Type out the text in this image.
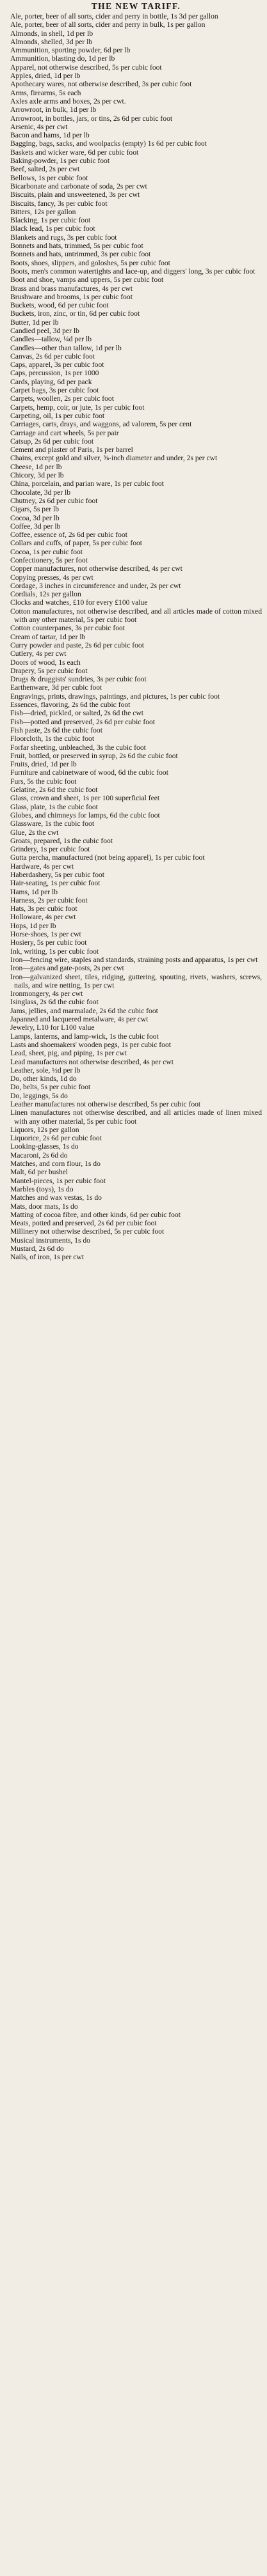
THE NEW TARIFF.

Ale, porter, beer of all sorts, cider and perry in bottle, 1s 3d per gallon

Ale, porter, beer of all sorts, cider and perry in bulk, 1s per gallon

Almonds, in shell, 1d per lb

Almonds, shelled, 3d per lb

Ammunition, sporting powder, 6d per lb

Ammunition, blasting do, 1d per lb

Apparel, not otherwise described, 5s per cubic foot

Apples, dried, 1d per lb

Apothecary wares, not otherwise described, 3s per cubic foot

Arms, firearms, 5s each

Axles axle arms and boxes, 2s per cwt.

Arrowroot, in bulk, 1d per lb

Arrowroot, in bottles, jars, or tins, 2s 6d per cubic foot

Arsenic, 4s per cwt

Bacon and hams, 1d per lb

Bagging, bags, sacks, and woolpacks (empty) 1s 6d per cubic foot

Baskets and wicker ware, 6d per cubic foot

Baking-powder, 1s per cubic foot

Beef, salted, 2s per cwt

Bellows, 1s per cubic foot

Bicarbonate and carbonate of soda, 2s per cwt

Biscuits, plain and unsweetened, 3s per cwt

Biscuits, fancy, 3s per cubic foot

Bitters, 12s per gallon

Blacking, 1s per cubic foot

Black lead, 1s per cubic foot

Blankets and rugs, 3s per cubic foot

Bonnets and hats, trimmed, 5s per cubic foot

Bonnets and hats, untrimmed, 3s per cubic foot

Boots, shoes, slippers, and goloshes, 5s per cubic foot

Boots, men's common watertights and lace-up, and diggers' long, 3s per cubic foot

Boot and shoe, vamps and uppers, 5s per cubic foot

Brass and brass manufactures, 4s per cwt

Brushware and brooms, 1s per cubic foot

Buckets, wood, 6d per cubic foot

Buckets, iron, zinc, or tin, 6d per cubic foot

Butter, 1d per lb

Candied peel, 3d per lb

Candles—tallow, ¼d per lb

Candles—other than tallow, 1d per lb

Canvas, 2s 6d per cubic foot

Caps, apparel, 3s per cubic foot

Caps, percussion, 1s per 1000

Cards, playing, 6d per pack

Carpet bags, 3s per cubic foot

Carpets, woollen, 2s per cubic foot

Carpets, hemp, coir, or jute, 1s per cubic foot

Carpeting, oil, 1s per cubic foot

Carriages, carts, drays, and waggons, ad valorem, 5s per cent

Carriage and cart wheels, 5s per pair

Catsup, 2s 6d per cubic foot

Cement and plaster of Paris, 1s per barrel

Chains, except gold and silver, ⅜-inch diameter and under, 2s per cwt

Cheese, 1d per lb

Chicory, 3d per lb

China, porcelain, and parian ware, 1s per cubic foot

Chocolate, 3d per lb

Chutney, 2s 6d per cubic foot

Cigars, 5s per lb

Cocoa, 3d per lb

Coffee, 3d per lb

Coffee, essence of, 2s 6d per cubic foot

Collars and cuffs, of paper, 5s per cubic foot

Cocoa, 1s per cubic foot

Confectionery, 5s per foot

Copper manufactures, not otherwise described, 4s per cwt

Copying presses, 4s per cwt

Cordage, 3 inches in circumference and under, 2s per cwt

Cordials, 12s per gallon

Clocks and watches, £10 for every £100 value

Cotton manufactures, not otherwise described, and all articles made of cotton mixed with any other material, 5s per cubic foot

Cotton counterpanes, 3s per cubic foot

Cream of tartar, 1d per lb

Curry powder and paste, 2s 6d per cubic foot

Cutlery, 4s per cwt

Doors of wood, 1s each

Drapery, 5s per cubic foot

Drugs & druggists' sundries, 3s per cubic foot

Earthenware, 3d per cubic foot

Engravings, prints, drawings, paintings, and pictures, 1s per cubic foot

Essences, flavoring, 2s 6d the cubic foot

Fish—dried, pickled, or salted, 2s 6d the cwt

Fish—potted and preserved, 2s 6d per cubic foot

Fish paste, 2s 6d the cubic foot

Floorcloth, 1s the cubic foot

Forfar sheeting, unbleached, 3s the cubic foot

Fruit, bottled, or preserved in syrup, 2s 6d the cubic foot

Fruits, dried, 1d per lb

Furniture and cabinetware of wood, 6d the cubic foot

Furs, 5s the cubic foot

Gelatine, 2s 6d the cubic foot

Glass, crown and sheet, 1s per 100 superficial feet

Glass, plate, 1s the cubic foot

Globes, and chimneys for lamps, 6d the cubic foot

Glassware, 1s the cubic foot

Glue, 2s the cwt

Groats, prepared, 1s the cubic foot

Grindery, 1s per cubic foot

Gutta percha, manufactured (not being apparel), 1s per cubic foot

Hardware, 4s per cwt

Haberdashery, 5s per cubic foot

Hair-seating, 1s per cubic foot

Hams, 1d per lb

Harness, 2s per cubic foot

Hats, 3s per cubic foot

Holloware, 4s per cwt

Hops, 1d per lb

Horse-shoes, 1s per cwt

Hosiery, 5s per cubic foot

Ink, writing, 1s per cubic foot

Iron—fencing wire, staples and standards, straining posts and apparatus, 1s per cwt

Iron—gates and gate-posts, 2s per cwt

Iron—galvanized sheet, tiles, ridging, guttering, spouting, rivets, washers, screws, nails, and wire netting, 1s per cwt

Ironmongery, 4s per cwt

Isinglass, 2s 6d the cubic foot

Jams, jellies, and marmalade, 2s 6d the cubic foot

Japanned and lacquered metalware, 4s per cwt

Jewelry, L10 for L100 value

Lamps, lanterns, and lamp-wick, 1s the cubic foot

Lasts and shoemakers' wooden pegs, 1s per cubic foot

Lead, sheet, pig, and piping, 1s per cwt

Lead manufactures not otherwise described, 4s per cwt

Leather, sole, ½d per lb

Do, other kinds, 1d do

Do, belts, 5s per cubic foot

Do, leggings, 5s do

Leather manufactures not otherwise described, 5s per cubic foot

Linen manufactures not otherwise described, and all articles made of linen mixed with any other material, 5s per cubic foot

Liquors, 12s per gallon

Liquorice, 2s 6d per cubic foot

Looking-glasses, 1s do

Macaroni, 2s 6d do

Matches, and corn flour, 1s do

Malt, 6d per bushel

Mantel-pieces, 1s per cubic foot

Marbles (toys), 1s do

Matches and wax vestas, 1s do

Mats, door mats, 1s do

Matting of cocoa fibre, and other kinds, 6d per cubic foot

Meats, potted and preserved, 2s 6d per cubic foot

Millinery not otherwise described, 5s per cubic foot

Musical instruments, 1s do

Mustard, 2s 6d do

Nails, of iron, 1s per cwt
